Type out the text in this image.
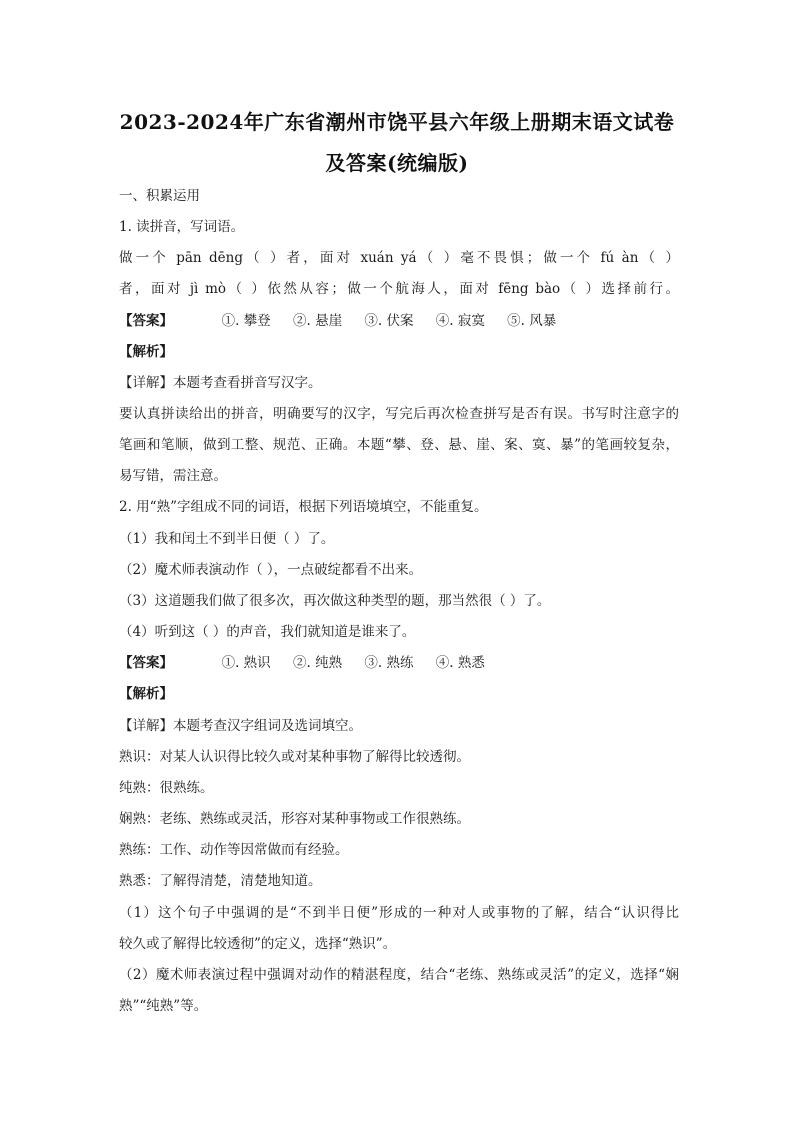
2023-2024年广东省潮州市饶平县六年级上册期末语文试卷
及答案(统编版)
一、积累运用
1. 读拼音，写词语。
做一个 pān dēng（ ）者，面对 xuán yá（ ）毫不畏惧；做一个 fú àn（ ）
者，面对 jì mò（ ）依然从容；做一个航海人，面对 fēng bào（ ）选择前行。
【答案】	①. 攀登 ②. 悬崖 ③. 伏案 ④. 寂寞 ⑤. 风暴
【解析】
【详解】本题考查看拼音写汉字。
要认真拼读给出的拼音，明确要写的汉字，写完后再次检查拼写是否有误。书写时注意字的
笔画和笔顺，做到工整、规范、正确。本题“攀、登、悬、崖、案、寞、暴”的笔画较复杂，
易写错，需注意。
2. 用“熟”字组成不同的词语，根据下列语境填空，不能重复。
（1）我和闰土不到半日便（ ）了。
（2）魔术师表演动作（ ），一点破绽都看不出来。
（3）这道题我们做了很多次，再次做这种类型的题，那当然很（ ）了。
（4）听到这（ ）的声音，我们就知道是谁来了。
【答案】	①. 熟识 ②. 纯熟 ③. 熟练 ④. 熟悉
【解析】
【详解】本题考查汉字组词及选词填空。
熟识：对某人认识得比较久或对某种事物了解得比较透彻。
纯熟：很熟练。
娴熟：老练、熟练或灵活，形容对某种事物或工作很熟练。
熟练：工作、动作等因常做而有经验。
熟悉：了解得清楚，清楚地知道。
（1）这个句子中强调的是“不到半日便”形成的一种对人或事物的了解，结合“认识得比
较久或了解得比较透彻”的定义，选择“熟识”。
（2）魔术师表演过程中强调对动作的精湛程度，结合“老练、熟练或灵活”的定义，选择“娴
熟”“纯熟”等。
